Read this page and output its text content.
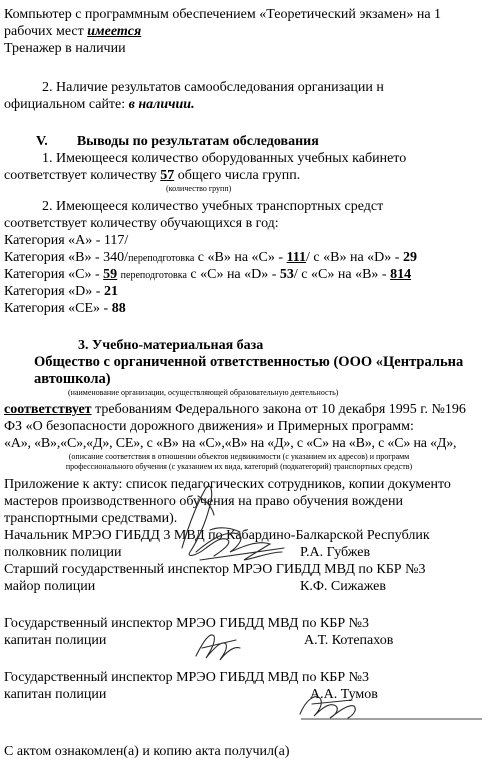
Компьютер с программным обеспечением «Теоретический экзамен» на 1
рабочих мест имеется
Тренажер в наличии
2. Наличие результатов самообследования организации н
официальном сайте: в наличии.
V. Выводы по результатам обследования
1. Имеющееся количество оборудованных учебных кабинето
соответствует количеству 57 общего числа групп.
(количество групп)
2. Имеющееся количество учебных транспортных средст
соответствует количеству обучающихся в год:
Категория «А» - 117/
Категория «В» - 340/переподготовка с «В» на «С» - 111/ с «В» на «D» - 29
Категория «С» - 59 переподготовка с «С» на «D» - 53/ с «С» на «В» - 814
Категория «D» - 21
Категория «СЕ» - 88
3. Учебно-материальная база
Общество с органиченной ответственностью (ООО «Центральна
автошкола)
(наименование организации, осуществляющей образовательную деятельность)
соответствует требованиям Федерального закона от 10 декабря 1995 г. №196
ФЗ «О безопасности дорожного движения» и Примерных программ:
«А», «В»,«С»,«Д», СЕ», с «В» на «С»,«В» на «Д», с «С» на «В», с «С» на «Д»,
(описание соответствия в отношении объектов недвижимости (с указанием их адресов) и программ
профессионального обучения (с указанием их вида, категорий (подкатегорий) транспортных средств)
Приложение к акту: список педагогических сотрудников, копии документо
мастеров производственного обучения на право обучения вождени
транспортными средствами).
Начальник МРЭО ГИБДД 3 МВД по Кабардино-Балкарской Республик
полковник полиции	Р.А. Губжев
Старший государственный инспектор МРЭО ГИБДД МВД по КБР №3
майор полиции	К.Ф. Сижажев
Государственный инспектор МРЭО ГИБДД МВД по КБР №3
капитан полиции	А.Т. Котепахов
Государственный инспектор МРЭО ГИБДД МВД по КБР №3
капитан полиции	А.А. Тумов
С актом ознакомлен(а) и копию акта получил(а)
